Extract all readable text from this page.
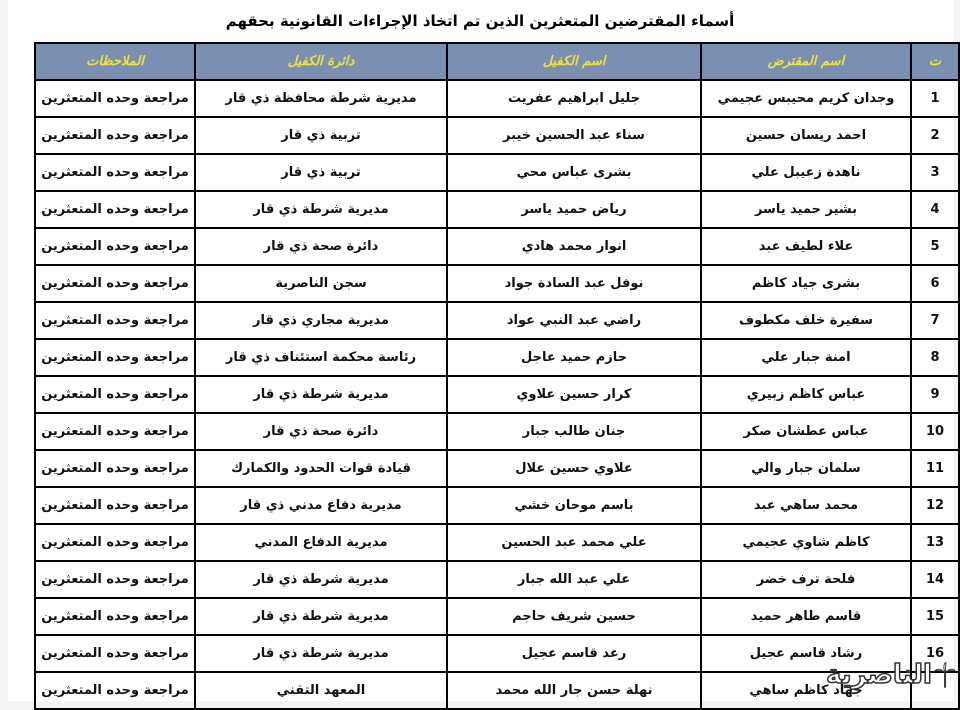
أسماء المقترضين المتعثرين الذين تم اتخاذ الإجراءات القانونية بحقهم
ت	اسم المقترض	اسم الكفيل	دائرة الكفيل	الملاحظات
1	وجدان كريم محيبس عجيمي	جليل ابراهيم عفريت	مديرية شرطة محافظة ذي قار	مراجعة وحده المتعثرين
2	احمد ريسان حسين	سناء عبد الحسين خيبر	تربية ذي قار	مراجعة وحده المتعثرين
3	ناهدة زعيبل علي	بشرى عباس محي	تربية ذي قار	مراجعة وحده المتعثرين
4	بشير حميد ياسر	رياض حميد ياسر	مديرية شرطة ذي قار	مراجعة وحده المتعثرين
5	علاء لطيف عبد	انوار محمد هادي	دائرة صحة ذي قار	مراجعة وحده المتعثرين
6	بشرى جياد كاظم	نوفل عبد السادة جواد	سجن الناصرية	مراجعة وحده المتعثرين
7	سفيرة خلف مكطوف	راضي عبد النبي عواد	مديرية مجاري ذي قار	مراجعة وحده المتعثرين
8	امنة جبار علي	حازم حميد عاجل	رئاسة محكمة استئناف ذي قار	مراجعة وحده المتعثرين
9	عباس كاظم زبيري	كرار حسين علاوي	مديرية شرطة ذي قار	مراجعة وحده المتعثرين
10	عباس عطشان صكر	جنان طالب جبار	دائرة صحة ذي قار	مراجعة وحده المتعثرين
11	سلمان جبار والي	علاوي حسين علال	قيادة قوات الحدود والكمارك	مراجعة وحده المتعثرين
12	محمد ساهي عبد	باسم موحان خشي	مديرية دفاع مدني ذي قار	مراجعة وحده المتعثرين
13	كاظم شاوي عجيمي	علي محمد عبد الحسين	مديرية الدفاع المدني	مراجعة وحده المتعثرين
14	فلحة ترف خضر	علي عبد الله جبار	مديرية شرطة ذي قار	مراجعة وحده المتعثرين
15	قاسم طاهر حميد	حسين شريف حاجم	مديرية شرطة ذي قار	مراجعة وحده المتعثرين
16	رشاد قاسم عجيل	رعد قاسم عجيل	مديرية شرطة ذي قار	مراجعة وحده المتعثرين
	جهاد كاظم ساهي	نهلة حسن جار الله محمد	المعهد التقني	مراجعة وحده المتعثرين
الناصرية
